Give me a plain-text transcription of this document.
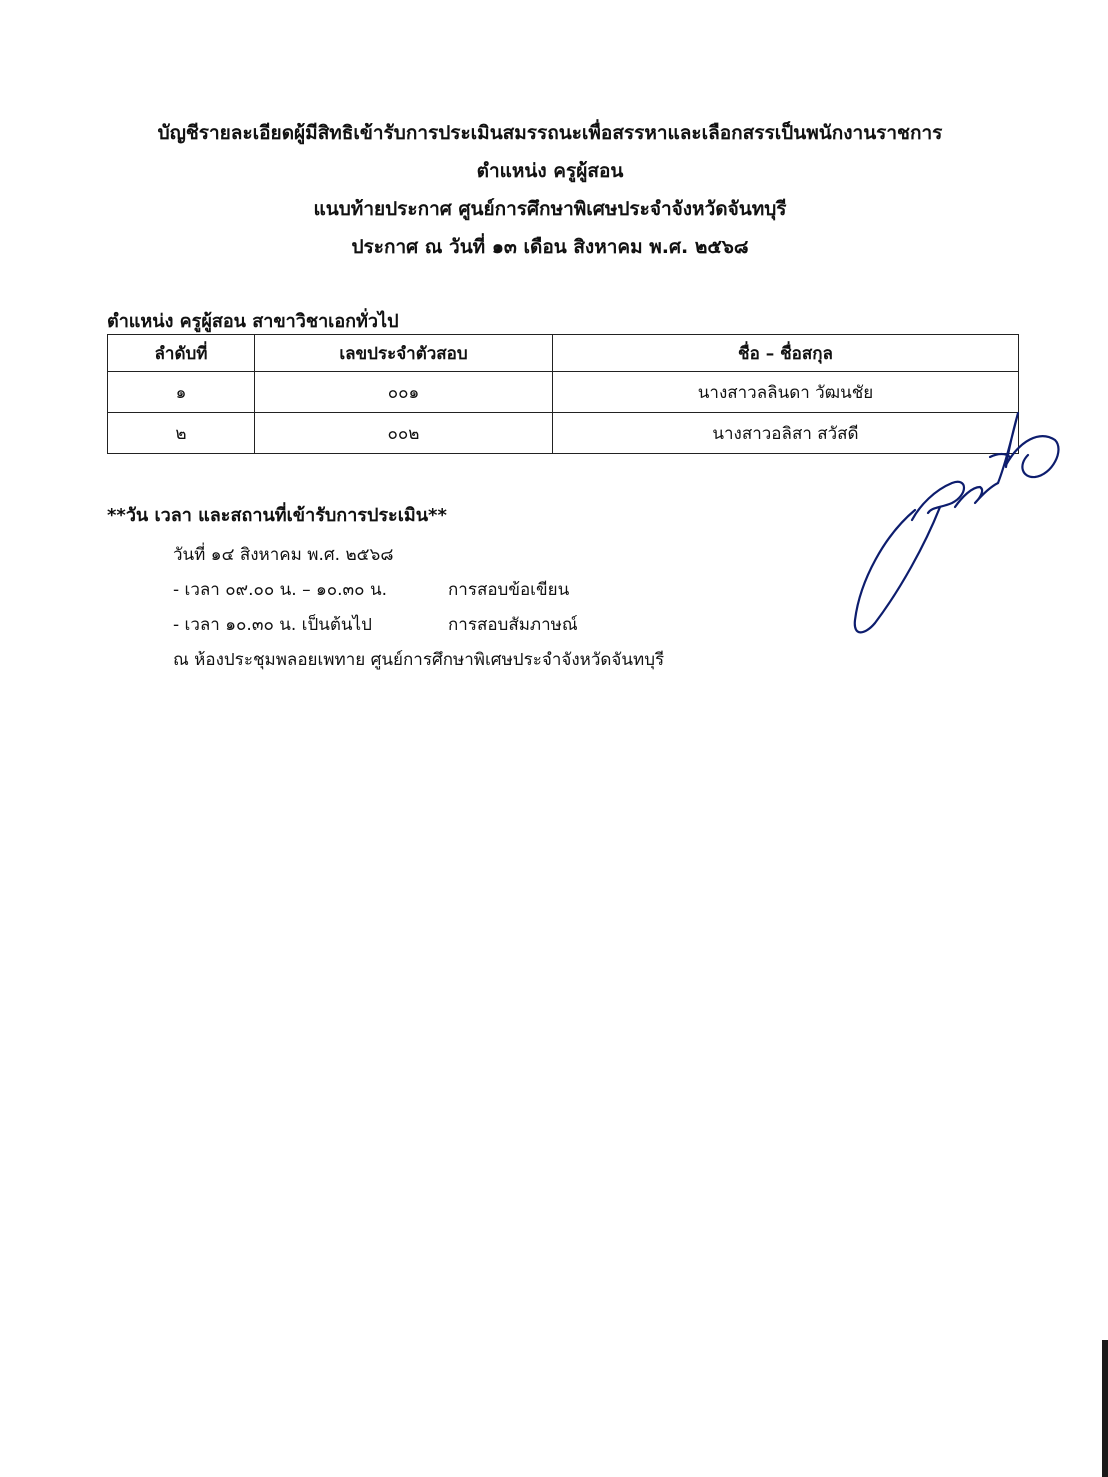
บัญชีรายละเอียดผู้มีสิทธิเข้ารับการประเมินสมรรถนะเพื่อสรรหาและเลือกสรรเป็นพนักงานราชการ
ตำแหน่ง ครูผู้สอน
แนบท้ายประกาศ ศูนย์การศึกษาพิเศษประจำจังหวัดจันทบุรี
ประกาศ ณ วันที่ ๑๓ เดือน สิงหาคม พ.ศ. ๒๕๖๘
ตำแหน่ง ครูผู้สอน สาขาวิชาเอกทั่วไป
ลำดับที่	เลขประจำตัวสอบ	ชื่อ – ชื่อสกุล
๑	๐๐๑	นางสาวลลินดา วัฒนชัย
๒	๐๐๒	นางสาวอลิสา สวัสดี
**วัน เวลา และสถานที่เข้ารับการประเมิน**
วันที่ ๑๔ สิงหาคม พ.ศ. ๒๕๖๘
- เวลา ๐๙.๐๐ น. – ๑๐.๓๐ น.	การสอบข้อเขียน
- เวลา ๑๐.๓๐ น. เป็นต้นไป	การสอบสัมภาษณ์
ณ ห้องประชุมพลอยเพทาย ศูนย์การศึกษาพิเศษประจำจังหวัดจันทบุรี
